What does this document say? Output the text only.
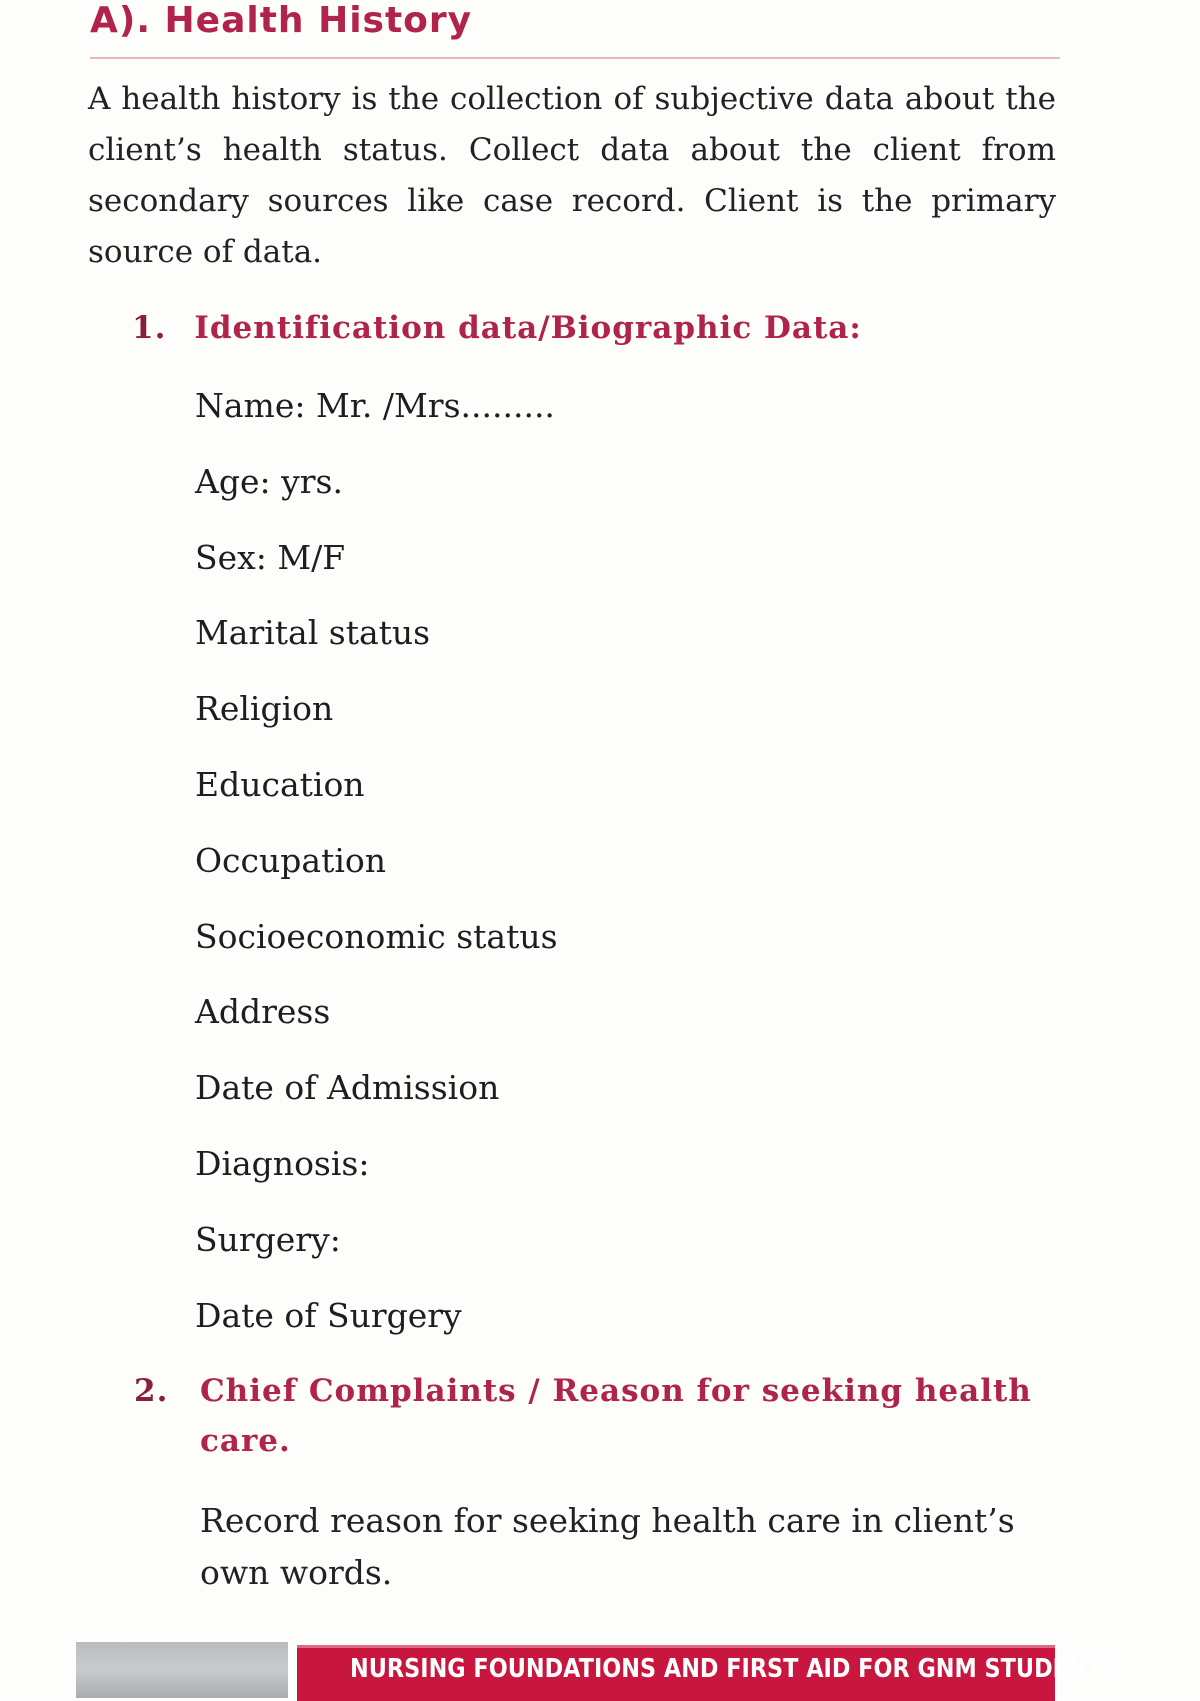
A). Health History

A health history is the collection of subjective data about the client’s health status. Collect data about the client from secondary sources like case record. Client is the primary source of data.

1. Identification data/Biographic Data:
Name: Mr. /Mrs.........
Age: yrs.
Sex: M/F
Marital status
Religion
Education
Occupation
Socioeconomic status
Address
Date of Admission
Diagnosis:
Surgery:
Date of Surgery
2.	Chief Complaints / Reason for seeking health care.

Record reason for seeking health care in client’s own words.

NURSING FOUNDATIONS AND FIRST AID FOR GNM STUDENTS
